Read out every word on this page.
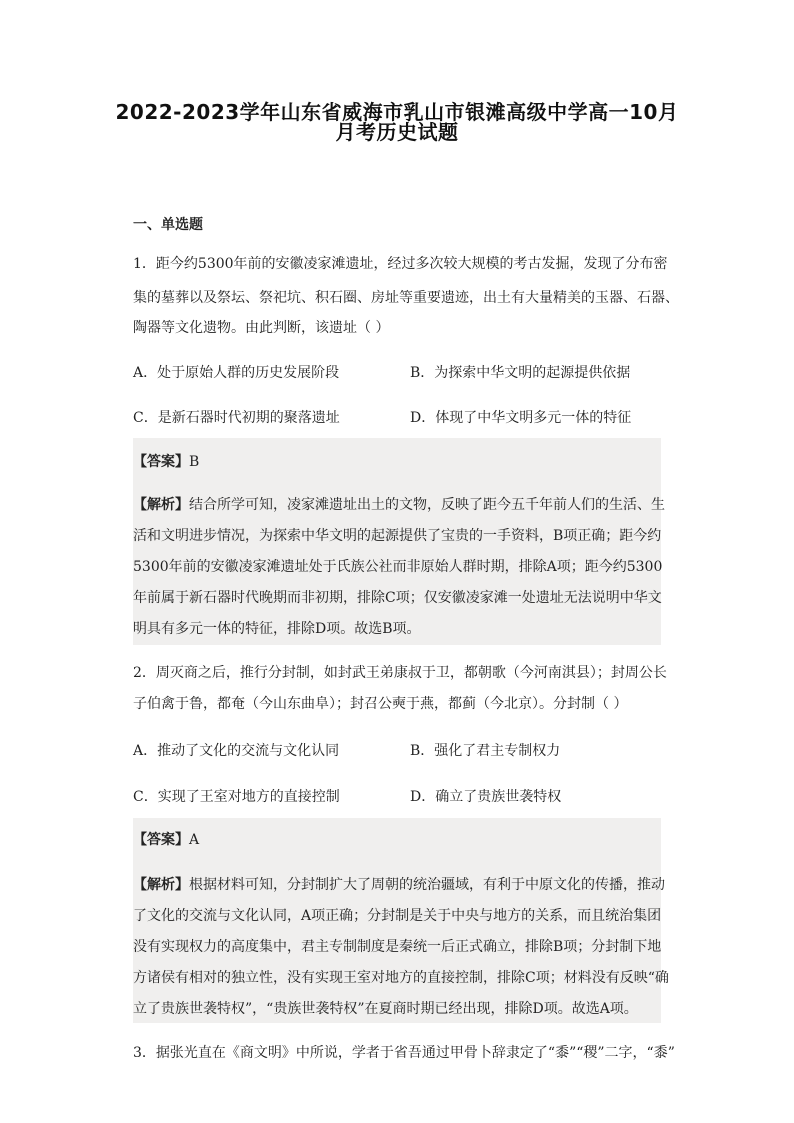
2022-2023学年山东省威海市乳山市银滩高级中学高一10月
月考历史试题
一、单选题
1．距今约5300年前的安徽凌家滩遗址，经过多次较大规模的考古发掘，发现了分布密
集的墓葬以及祭坛、祭祀坑、积石圈、房址等重要遗迹，出土有大量精美的玉器、石器、
陶器等文化遗物。由此判断，该遗址（ ）
A．处于原始人群的历史发展阶段	B．为探索中华文明的起源提供依据
C．是新石器时代初期的聚落遗址	D．体现了中华文明多元一体的特征
【答案】B
【解析】结合所学可知，凌家滩遗址出土的文物，反映了距今五千年前人们的生活、生
活和文明进步情况，为探索中华文明的起源提供了宝贵的一手资料，B项正确；距今约
5300年前的安徽凌家滩遗址处于氏族公社而非原始人群时期，排除A项；距今约5300
年前属于新石器时代晚期而非初期，排除C项；仅安徽凌家滩一处遗址无法说明中华文
明具有多元一体的特征，排除D项。故选B项。
2．周灭商之后，推行分封制，如封武王弟康叔于卫，都朝歌（今河南淇县）；封周公长
子伯禽于鲁，都奄（今山东曲阜）；封召公奭于燕，都蓟（今北京）。分封制（ ）
A．推动了文化的交流与文化认同	B．强化了君主专制权力
C．实现了王室对地方的直接控制	D．确立了贵族世袭特权
【答案】A
【解析】根据材料可知，分封制扩大了周朝的统治疆域，有利于中原文化的传播，推动
了文化的交流与文化认同，A项正确；分封制是关于中央与地方的关系，而且统治集团
没有实现权力的高度集中，君主专制制度是秦统一后正式确立，排除B项；分封制下地
方诸侯有相对的独立性，没有实现王室对地方的直接控制，排除C项；材料没有反映“确
立了贵族世袭特权”，“贵族世袭特权”在夏商时期已经出现，排除D项。故选A项。
3．据张光直在《商文明》中所说，学者于省吾通过甲骨卜辞隶定了“黍”“稷”二字，“黍”
